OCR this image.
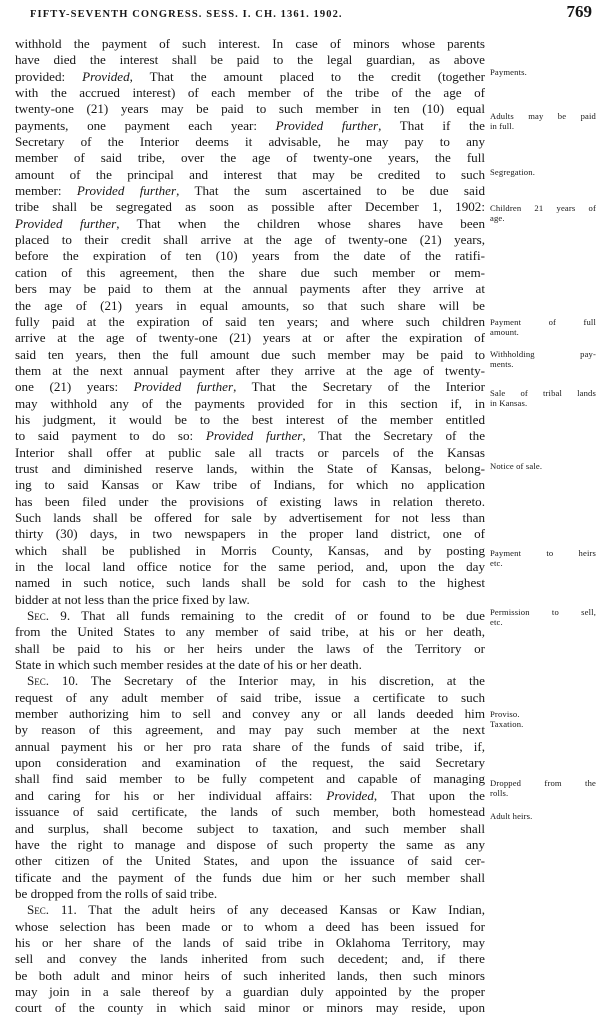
FIFTY-SEVENTH CONGRESS. SESS. I. CH. 1361. 1902.	769
withhold the payment of such interest. In case of minors whose parents
have died the interest shall be paid to the legal guardian, as above
provided: Provided, That the amount placed to the credit (together
with the accrued interest) of each member of the tribe of the age of
twenty-one (21) years may be paid to such member in ten (10) equal
payments, one payment each year: Provided further, That if the
Secretary of the Interior deems it advisable, he may pay to any
member of said tribe, over the age of twenty-one years, the full
amount of the principal and interest that may be credited to such
member: Provided further, That the sum ascertained to be due said
tribe shall be segregated as soon as possible after December 1, 1902:
Provided further, That when the children whose shares have been
placed to their credit shall arrive at the age of twenty-one (21) years,
before the expiration of ten (10) years from the date of the ratifi-
cation of this agreement, then the share due such member or mem-
bers may be paid to them at the annual payments after they arrive at
the age of (21) years in equal amounts, so that such share will be
fully paid at the expiration of said ten years; and where such children
arrive at the age of twenty-one (21) years at or after the expiration of
said ten years, then the full amount due such member may be paid to
them at the next annual payment after they arrive at the age of twenty-
one (21) years: Provided further, That the Secretary of the Interior
may withhold any of the payments provided for in this section if, in
his judgment, it would be to the best interest of the member entitled
to said payment to do so: Provided further, That the Secretary of the
Interior shall offer at public sale all tracts or parcels of the Kansas
trust and diminished reserve lands, within the State of Kansas, belong-
ing to said Kansas or Kaw tribe of Indians, for which no application
has been filed under the provisions of existing laws in relation thereto.
Such lands shall be offered for sale by advertisement for not less than
thirty (30) days, in two newspapers in the proper land district, one of
which shall be published in Morris County, Kansas, and by posting
in the local land office notice for the same period, and, upon the day
named in such notice, such lands shall be sold for cash to the highest
bidder at not less than the price fixed by law.
Sec. 9. That all funds remaining to the credit of or found to be due
from the United States to any member of said tribe, at his or her death,
shall be paid to his or her heirs under the laws of the Territory or
State in which such member resides at the date of his or her death.
Sec. 10. The Secretary of the Interior may, in his discretion, at the
request of any adult member of said tribe, issue a certificate to such
member authorizing him to sell and convey any or all lands deeded him
by reason of this agreement, and may pay such member at the next
annual payment his or her pro rata share of the funds of said tribe, if,
upon consideration and examination of the request, the said Secretary
shall find said member to be fully competent and capable of managing
and caring for his or her individual affairs: Provided, That upon the
issuance of said certificate, the lands of such member, both homestead
and surplus, shall become subject to taxation, and such member shall
have the right to manage and dispose of such property the same as any
other citizen of the United States, and upon the issuance of said cer-
tificate and the payment of the funds due him or her such member shall
be dropped from the rolls of said tribe.
Sec. 11. That the adult heirs of any deceased Kansas or Kaw Indian,
whose selection has been made or to whom a deed has been issued for
his or her share of the lands of said tribe in Oklahoma Territory, may
sell and convey the lands inherited from such decedent; and, if there
be both adult and minor heirs of such inherited lands, then such minors
may join in a sale thereof by a guardian duly appointed by the proper
court of the county in which said minor or minors may reside, upon
Payments.
Adults may be paid
in full.
Segregation.
Children 21 years of
age.
Payment of full
amount.
Withholding pay-
ments.
Sale of tribal lands
in Kansas.
Notice of sale.
Payment to heirs
etc.
Permission to sell,
etc.
Proviso.
Taxation.
Dropped from the
rolls.
Adult heirs.
